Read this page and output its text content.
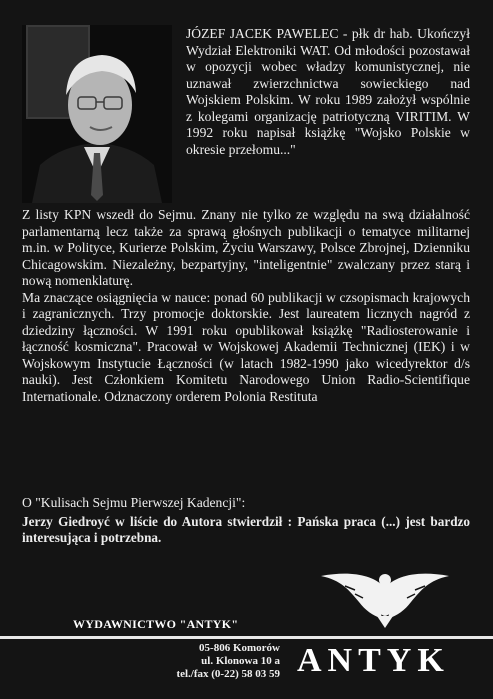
JÓZEF JACEK PAWELEC - płk dr hab. Ukończył Wydział Elektroniki WAT. Od młodości pozostawał w opozycji wobec władzy komunistycznej, nie uznawał zwierzchnictwa sowieckiego nad Wojskiem Polskim. W roku 1989 założył wspólnie z kolegami organizację patriotyczną VIRITIM. W 1992 roku napisał książkę "Wojsko Polskie w okresie przełomu..."

Z listy KPN wszedł do Sejmu. Znany nie tylko ze względu na swą działalność parlamentarną lecz także za sprawą głośnych publikacji o tematyce militarnej m.in. w Polityce, Kurierze Polskim, Życiu Warszawy, Polsce Zbrojnej, Dzienniku Chicagowskim. Niezależny, bezpartyjny, "inteligentnie" zwalczany przez starą i nową nomenklaturę.

Ma znaczące osiągnięcia w nauce: ponad 60 publikacji w czsopismach krajowych i zagranicznych. Trzy promocje doktorskie. Jest laureatem licznych nagród z dziedziny łączności. W 1991 roku opublikował książkę "Radiosterowanie i łączność kosmiczna". Pracował w Wojskowej Akademii Technicznej (IEK) i w Wojskowym Instytucie Łączności (w latach 1982-1990 jako wicedyrektor d/s nauki). Jest Członkiem Komitetu Narodowego Union Radio-Scientifique Internationale. Odznaczony orderem Polonia Restituta

O "Kulisach Sejmu Pierwszej Kadencji":

Jerzy Giedroyć w liście do Autora stwierdził : Pańska praca (...) jest bardzo interesująca i potrzebna.

WYDAWNICTWO "ANTYK"
05-806 Komorów
ul. Klonowa 10 a
tel./fax (0-22) 58 03 59 ANTYK
